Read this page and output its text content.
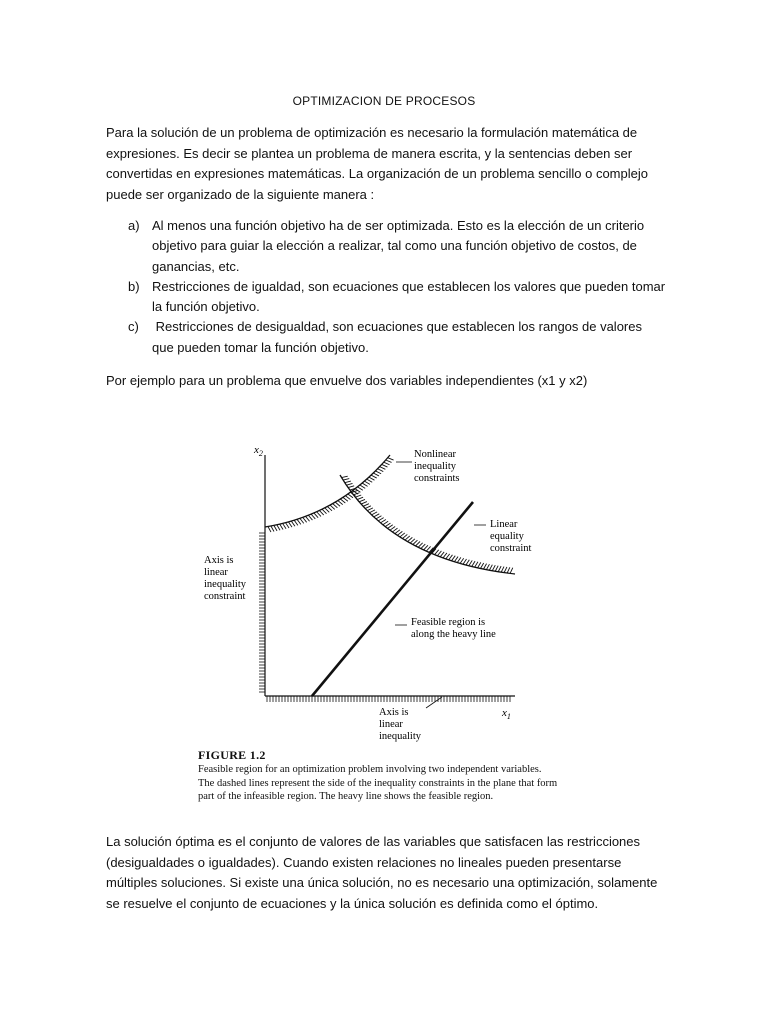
OPTIMIZACION DE PROCESOS
Para la solución de un problema de optimización es necesario la formulación matemática de expresiones. Es decir se plantea un problema de manera escrita, y la sentencias deben ser convertidas en expresiones matemáticas. La organización de un problema sencillo o complejo puede ser organizado de la siguiente manera :
a) Al menos una función objetivo ha de ser optimizada. Esto es la elección de un criterio objetivo para guiar la elección a realizar, tal como una función objetivo de costos, de ganancias, etc.
b) Restricciones de igualdad, son ecuaciones que establecen los valores que pueden tomar la función objetivo.
c)	Restricciones de desigualdad, son ecuaciones que establecen los rangos de valores que pueden tomar la función objetivo.
Por ejemplo para un problema que envuelve dos variables independientes (x1 y x2)
$x_2$
$x_1$
Nonlinear
inequality
constraints
Linear
equality
constraint
Axis is
linear
inequality
constraint
Feasible region is
along the heavy line
Axis is
linear
inequality
FIGURE 1.2
Feasible region for an optimization problem involving two independent variables. The dashed lines represent the side of the inequality constraints in the plane that form part of the infeasible region. The heavy line shows the feasible region.
La solución óptima es el conjunto de valores de las variables que satisfacen las restricciones (desigualdades o igualdades). Cuando existen relaciones no lineales pueden presentarse múltiples soluciones. Si existe una única solución, no es necesario una optimización, solamente se resuelve el conjunto de ecuaciones y la única solución es definida como el óptimo.
